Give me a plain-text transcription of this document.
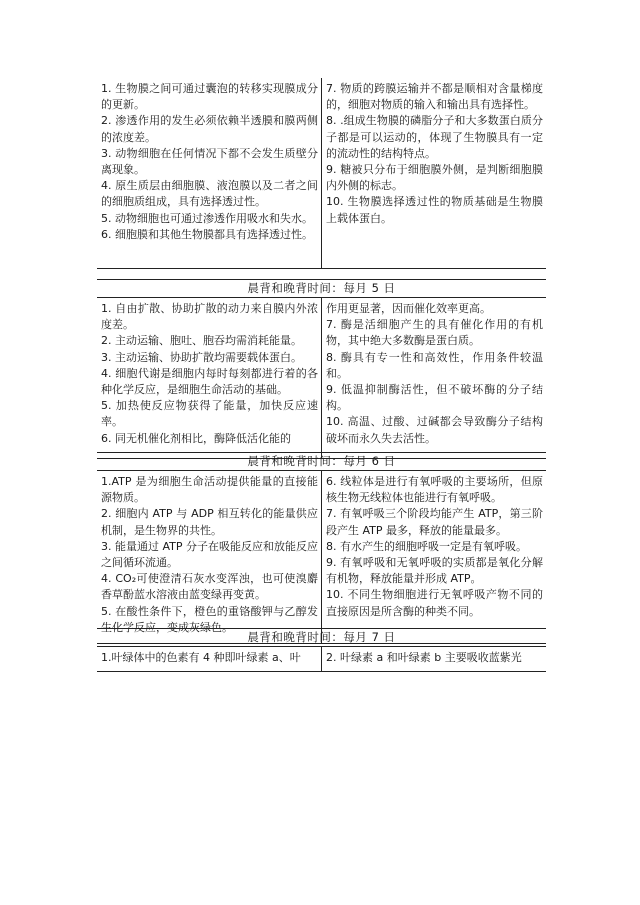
1. 生物膜之间可通过囊泡的转移实现膜成分的更新。

2. 渗透作用的发生必须依赖半透膜和膜两侧的浓度差。

3. 动物细胞在任何情况下都不会发生质壁分离现象。

4. 原生质层由细胞膜、液泡膜以及二者之间的细胞质组成，具有选择透过性。

5. 动物细胞也可通过渗透作用吸水和失水。

6. 细胞膜和其他生物膜都具有选择透过性。

7. 物质的跨膜运输并不都是顺相对含量梯度的，细胞对物质的输入和输出具有选择性。

8. .组成生物膜的磷脂分子和大多数蛋白质分子都是可以运动的，体现了生物膜具有一定的流动性的结构特点。

9. 糖被只分布于细胞膜外侧，是判断细胞膜内外侧的标志。

10. 生物膜选择透过性的物质基础是生物膜上载体蛋白。

晨背和晚背时间：每月 5 日

1. 自由扩散、协助扩散的动力来自膜内外浓度差。

2. 主动运输、胞吐、胞吞均需消耗能量。

3. 主动运输、协助扩散均需要载体蛋白。

4. 细胞代谢是细胞内每时每刻都进行着的各种化学反应，是细胞生命活动的基础。

5. 加热使反应物获得了能量，加快反应速率。

6. 同无机催化剂相比，酶降低活化能的

作用更显著，因而催化效率更高。

7. 酶是活细胞产生的具有催化作用的有机物，其中绝大多数酶是蛋白质。

8. 酶具有专一性和高效性，作用条件较温和。

9. 低温抑制酶活性，但不破坏酶的分子结构。

10. 高温、过酸、过碱都会导致酶分子结构破坏而永久失去活性。

晨背和晚背时间：每月 6 日

1.ATP 是为细胞生命活动提供能量的直接能源物质。

2. 细胞内 ATP 与 ADP 相互转化的能量供应机制，是生物界的共性。

3. 能量通过 ATP 分子在吸能反应和放能反应之间循环流通。

4. CO₂可使澄清石灰水变浑浊，也可使溴麝香草酚蓝水溶液由蓝变绿再变黄。

5. 在酸性条件下，橙色的重铬酸钾与乙醇发生化学反应，变成灰绿色。

6. 线粒体是进行有氧呼吸的主要场所，但原核生物无线粒体也能进行有氧呼吸。

7. 有氧呼吸三个阶段均能产生 ATP，第三阶段产生 ATP 最多，释放的能量最多。

8. 有水产生的细胞呼吸一定是有氧呼吸。

9. 有氧呼吸和无氧呼吸的实质都是氧化分解有机物，释放能量并形成 ATP。

10. 不同生物细胞进行无氧呼吸产物不同的直接原因是所含酶的种类不同。

晨背和晚背时间：每月 7 日

1.叶绿体中的色素有 4 种即叶绿素 a、叶	2. 叶绿素 a 和叶绿素 b 主要吸收蓝紫光
